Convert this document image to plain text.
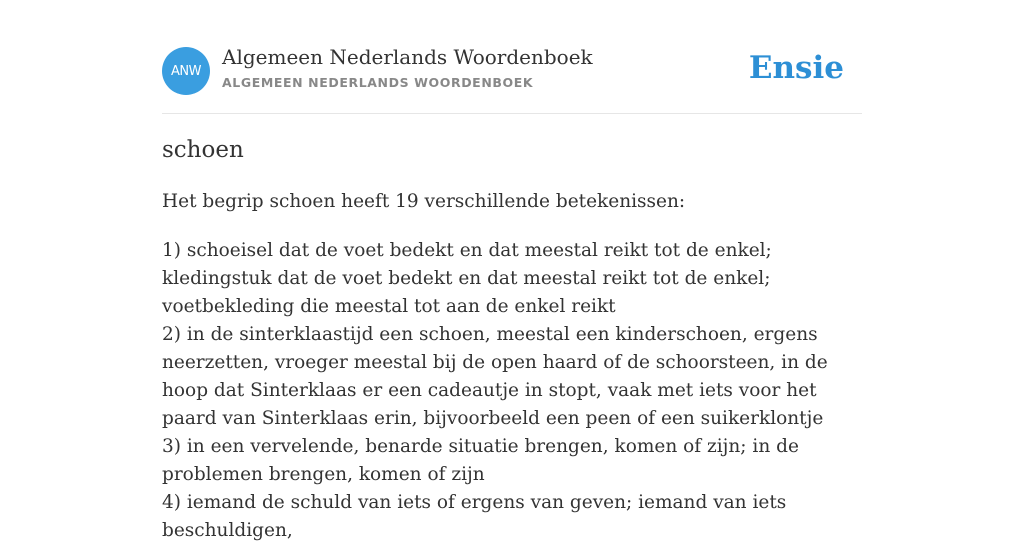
ANW
Algemeen Nederlands Woordenboek
ALGEMEEN NEDERLANDS WOORDENBOEK	Ensie
schoen

Het begrip schoen heeft 19 verschillende betekenissen:

1) schoeisel dat de voet bedekt en dat meestal reikt tot de enkel; kledingstuk dat de voet bedekt en dat meestal reikt tot de enkel; voetbekleding die meestal tot aan de enkel reikt
2) in de sinterklaastijd een schoen, meestal een kinderschoen, ergens neerzetten, vroeger meestal bij de open haard of de schoorsteen, in de hoop dat Sinterklaas er een cadeautje in stopt, vaak met iets voor het paard van Sinterklaas erin, bijvoorbeeld een peen of een suikerklontje
3) in een vervelende, benarde situatie brengen, komen of zijn; in de problemen brengen, komen of zijn
4) iemand de schuld van iets of ergens van geven; iemand van iets beschuldigen,
